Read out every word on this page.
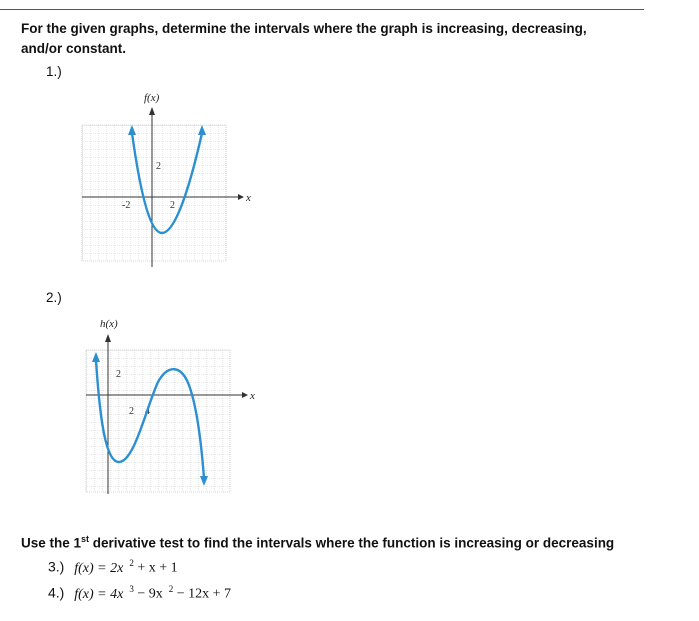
For the given graphs, determine the intervals where the graph is increasing, decreasing, and/or constant.
1.)
f(x)
x
-2	2
2
2.)
h(x)
x
2
2 4
Use the 1st derivative test to find the intervals where the function is increasing or decreasing
3.) f(x) = 2x $^2$ + x + 1
4.) f(x) = 4x $^3$ − 9x $^2$ − 12x + 7
